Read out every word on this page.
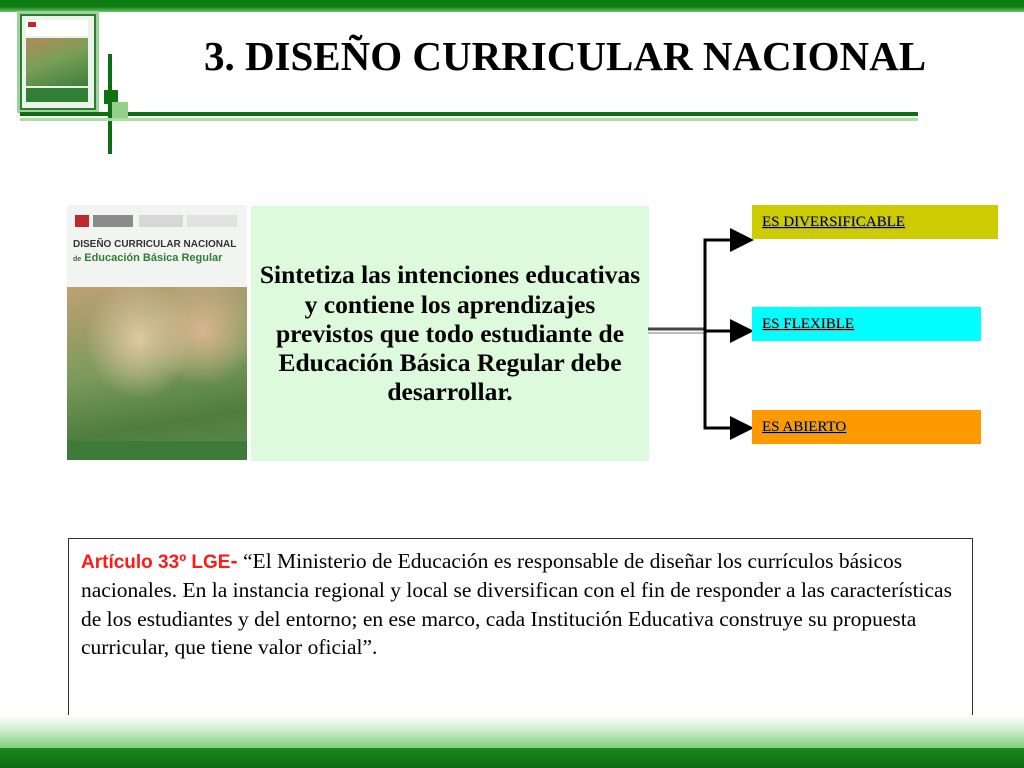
3. DISEÑO CURRICULAR NACIONAL
DISEÑO CURRICULAR NACIONAL
de Educación Básica Regular
Sintetiza las intenciones educativas y contiene los aprendizajes previstos que todo estudiante de Educación Básica Regular debe desarrollar.
ES DIVERSIFICABLE
ES FLEXIBLE
ES ABIERTO
Artículo 33º LGE- “El Ministerio de Educación es responsable de diseñar los currículos básicos nacionales. En la instancia regional y local se diversifican con el fin de responder a las características de los estudiantes y del entorno; en ese marco, cada Institución Educativa construye su propuesta curricular, que tiene valor oficial”.
